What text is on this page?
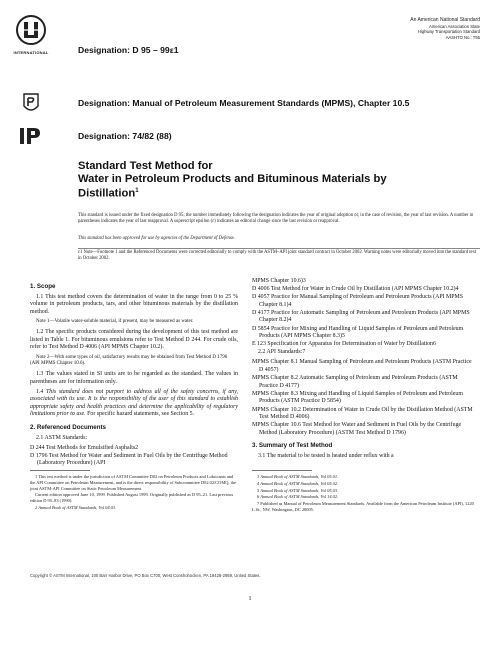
INTERNATIONAL	Designation: D 95 – 99ε1
Designation: Manual of Petroleum Measurement Standards (MPMS), Chapter 10.5
Designation: 74/82 (88)
An American National Standard
American Association State
Highway Transportation Standard
AASHTO No.: T55
Standard Test Method for
Water in Petroleum Products and Bituminous Materials by
Distillation$^1$
This standard is issued under the fixed designation D 95; the number immediately following the designation indicates the year of original adoption or, in the case of revision, the year of last revision. A number in parentheses indicates the year of last reapproval. A superscript epsilon (ε) indicates an editorial change since the last revision or reapproval.
This standard has been approved for use by agencies of the Department of Defense.
ε1 Note—Footnote 1 and the Referenced Documents were corrected editorially to comply with the ASTM–API joint standard contract in October 2002. Warning notes were editorially moved into the standard text in October 2002.
1. Scope
1.1 This test method covers the determination of water in the range from 0 to 25 % volume in petroleum products, tars, and other bituminous materials by the distillation method.
Note 1—Volatile water-soluble material, if present, may be measured as water.
1.2 The specific products considered during the development of this test method are listed in Table 1. For bituminous emulsions refer to Test Method D 244. For crude oils, refer to Test Method D 4006 (API MPMS Chapter 10.2).
Note 2—With some types of oil, satisfactory results may be obtained from Test Method D 1796 (API MPMS Chapter 10.6).
1.3 The values stated in SI units are to be regarded as the standard. The values in parentheses are for information only.
1.4 This standard does not purport to address all of the safety concerns, if any, associated with its use. It is the responsibility of the user of this standard to establish appropriate safety and health practices and determine the applicability of regulatory limitations prior to use. For specific hazard statements, see Section 5.
2. Referenced Documents
2.1 ASTM Standards:
D 244 Test Methods for Emulsified Asphalts2
D 1796 Test Method for Water and Sediment in Fuel Oils by the Centrifuge Method (Laboratory Procedure) (API
MPMS Chapter 10.6)3
D 4006 Test Method for Water in Crude Oil by Distillation (API MPMS Chapter 10.2)4
D 4057 Practice for Manual Sampling of Petroleum and Petroleum Products (API MPMS Chapter 8.1)4
D 4177 Practice for Automatic Sampling of Petroleum and Petroleum Products (API MPMS Chapter 8.2)4
D 5854 Practice for Mixing and Handling of Liquid Samples of Petroleum and Petroleum Products (API MPMS Chapter 8.3)5
E 123 Specification for Apparatus for Determination of Water by Distillation6
2.2 API Standards:7
MPMS Chapter 8.1 Manual Sampling of Petroleum and Petroleum Products (ASTM Practice D 4057)
MPMS Chapter 8.2 Automatic Sampling of Petroleum and Petroleum Products (ASTM Practice D 4177)
MPMS Chapter 8.3 Mixing and Handling of Liquid Samples of Petroleum and Petroleum Products (ASTM Practice D 5854)
MPMS Chapter 10.2 Determination of Water in Crude Oil by the Distillation Method (ASTM Test Method D 4006)
MPMS Chapter 10.6 Test Method for Water and Sediment in Fuel Oils by the Centrifuge Method (Laboratory Procedure) (ASTM Test Method D 1796)
3. Summary of Test Method
3.1 The material to be tested is heated under reflux with a
1 This test method is under the jurisdiction of ASTM Committee D02 on Petroleum Products and Lubricants and the API Committee on Petroleum Measurement, and is the direct responsibility of Subcommittee D02.02/COMQ, the joint ASTM-API Committee on Static Petroleum Measurement.
Current edition approved June 10, 1999. Published August 1999. Originally published as D 95–21. Last previous edition D 95–83 (1990).
2 Annual Book of ASTM Standards, Vol 04.03.
3 Annual Book of ASTM Standards, Vol 05.01.
4 Annual Book of ASTM Standards, Vol 05.02.
5 Annual Book of ASTM Standards, Vol 05.03.
6 Annual Book of ASTM Standards, Vol 14.02.
7 Published as Manual of Petroleum Measurement Standards. Available from the American Petroleum Institute (API), 1220 L St., NW, Washington, DC 20005.
Copyright © ASTM International, 100 Barr Harbor Drive, PO Box C700, West Conshohocken, PA 19428-2959, United States.
1
